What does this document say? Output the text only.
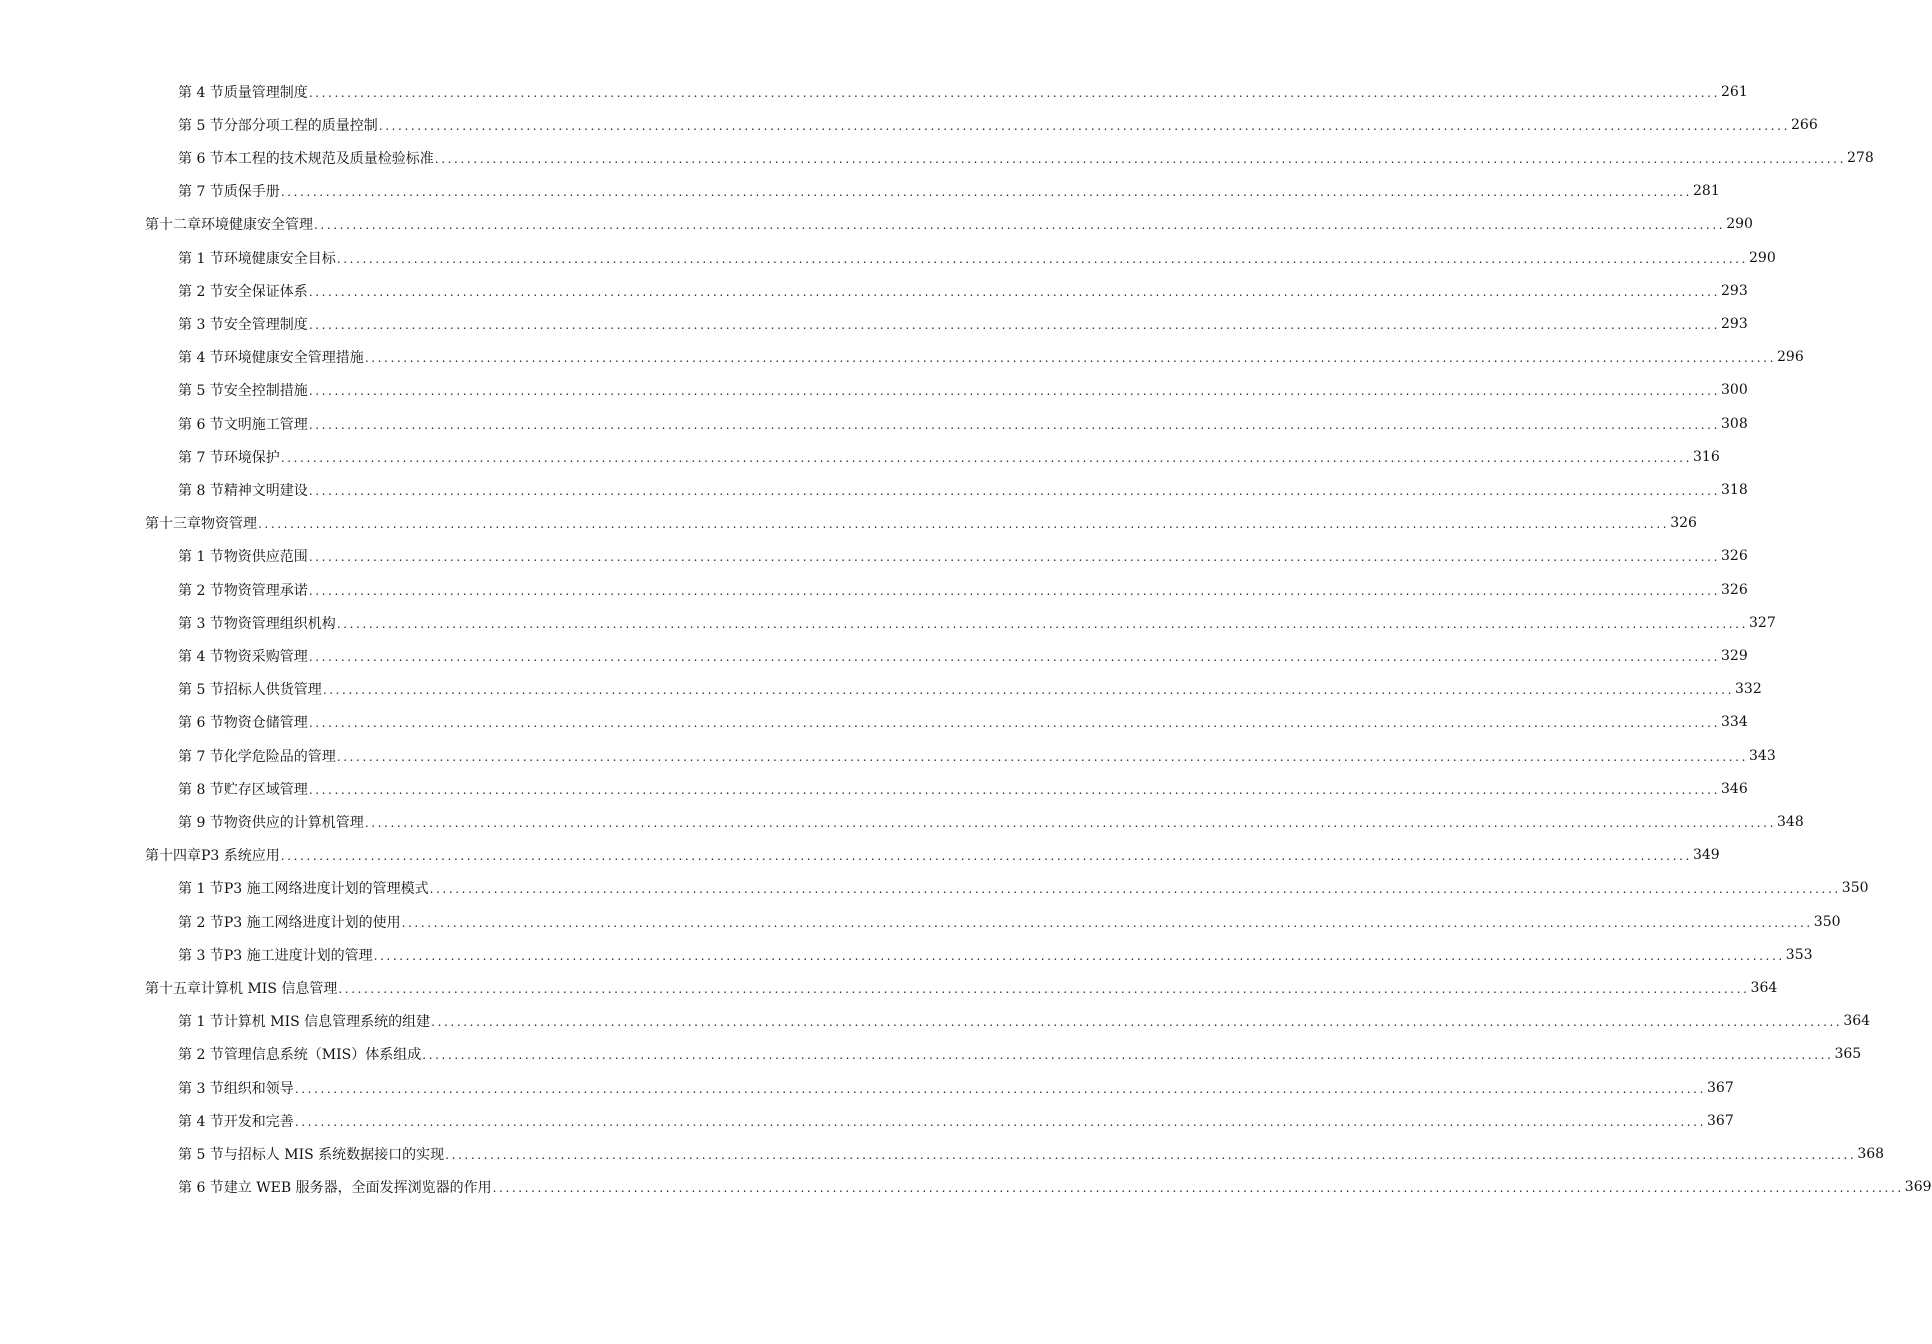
第 4 节 质量管理制度 ............................................................................................................................................................................................................................ 261
第 5 节 分部分项工程的质量控制 ............................................................................................................................................................................................................................ 266
第 6 节 本工程的技术规范及质量检验标准 ............................................................................................................................................................................................................................ 278
第 7 节 质保手册 ............................................................................................................................................................................................................................ 281
第十二章 环境健康安全管理 ............................................................................................................................................................................................................................ 290
第 1 节 环境健康安全目标 ............................................................................................................................................................................................................................ 290
第 2 节 安全保证体系 ............................................................................................................................................................................................................................ 293
第 3 节 安全管理制度 ............................................................................................................................................................................................................................ 293
第 4 节 环境健康安全管理措施 ............................................................................................................................................................................................................................ 296
第 5 节 安全控制措施 ............................................................................................................................................................................................................................ 300
第 6 节 文明施工管理 ............................................................................................................................................................................................................................ 308
第 7 节 环境保护 ............................................................................................................................................................................................................................ 316
第 8 节 精神文明建设 ............................................................................................................................................................................................................................ 318
第十三章 物资管理 ............................................................................................................................................................................................................................ 326
第 1 节 物资供应范围 ............................................................................................................................................................................................................................ 326
第 2 节 物资管理承诺 ............................................................................................................................................................................................................................ 326
第 3 节 物资管理组织机构 ............................................................................................................................................................................................................................ 327
第 4 节 物资采购管理 ............................................................................................................................................................................................................................ 329
第 5 节 招标人供货管理 ............................................................................................................................................................................................................................ 332
第 6 节 物资仓储管理 ............................................................................................................................................................................................................................ 334
第 7 节 化学危险品的管理 ............................................................................................................................................................................................................................ 343
第 8 节 贮存区域管理 ............................................................................................................................................................................................................................ 346
第 9 节 物资供应的计算机管理 ............................................................................................................................................................................................................................ 348
第十四章 P3 系统应用 ............................................................................................................................................................................................................................ 349
第 1 节 P3 施工网络进度计划的管理模式 ............................................................................................................................................................................................................................ 350
第 2 节 P3 施工网络进度计划的使用 ............................................................................................................................................................................................................................ 350
第 3 节 P3 施工进度计划的管理 ............................................................................................................................................................................................................................ 353
第十五章 计算机 MIS 信息管理 ............................................................................................................................................................................................................................ 364
第 1 节 计算机 MIS 信息管理系统的组建 ............................................................................................................................................................................................................................ 364
第 2 节 管理信息系统（MIS）体系组成 ............................................................................................................................................................................................................................ 365
第 3 节 组织和领导 ............................................................................................................................................................................................................................ 367
第 4 节 开发和完善 ............................................................................................................................................................................................................................ 367
第 5 节 与招标人 MIS 系统数据接口的实现 ............................................................................................................................................................................................................................ 368
第 6 节 建立 WEB 服务器，全面发挥浏览器的作用 ............................................................................................................................................................................................................................ 369
